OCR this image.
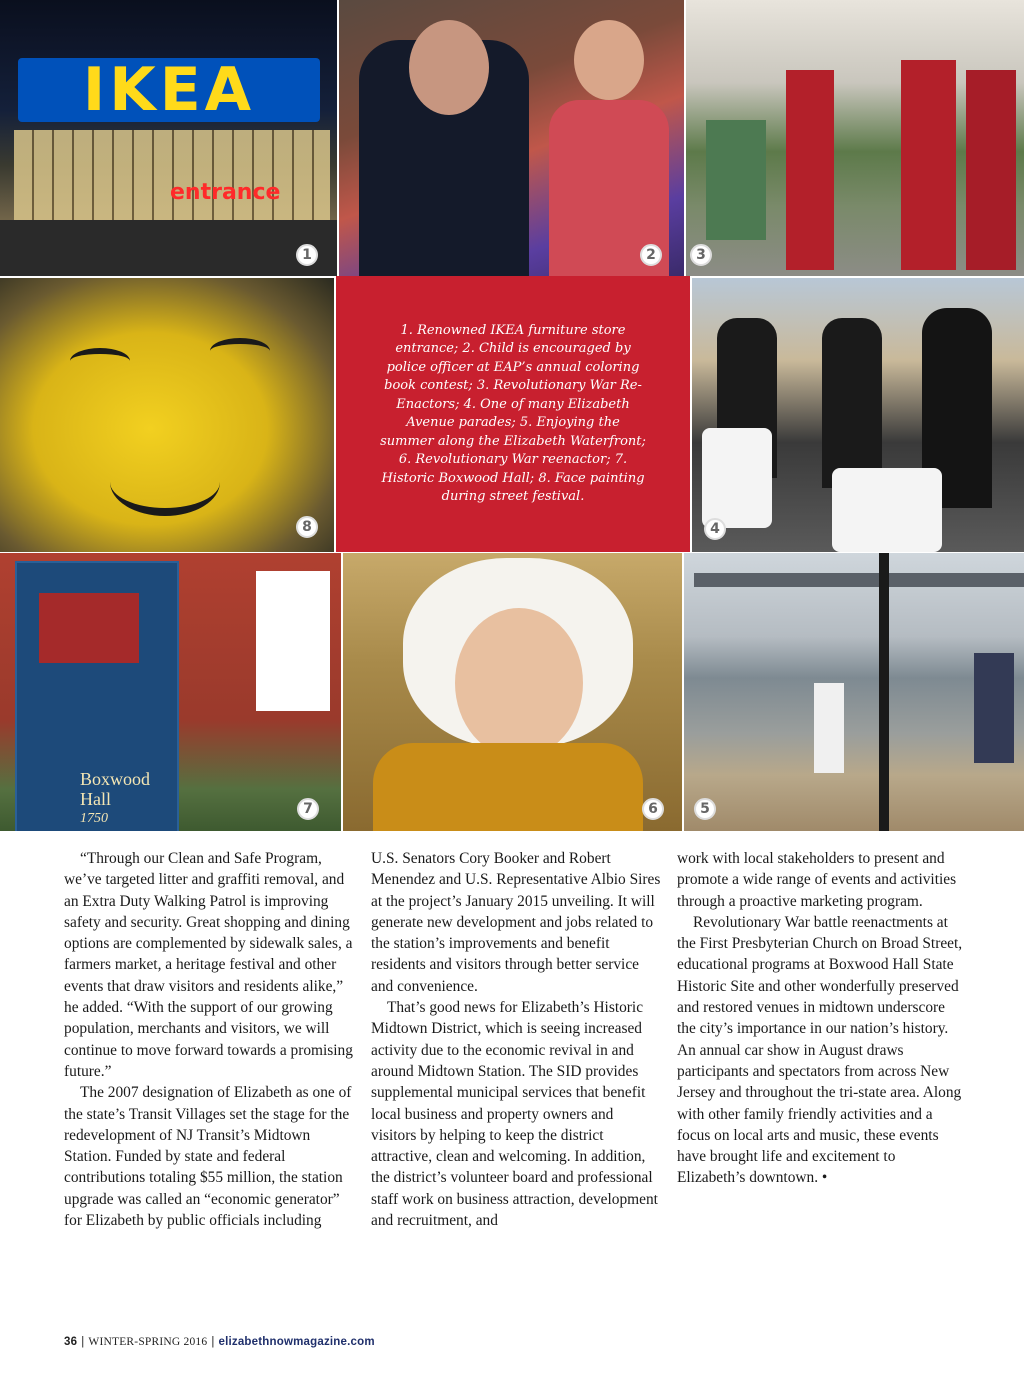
IKEA
entrance
1	2	3
8
1. Renowned IKEA furniture store entrance; 2. Child is encouraged by police officer at EAP’s annual coloring book contest; 3. Revolutionary War Re-Enactors; 4. One of many Elizabeth Avenue parades; 5. Enjoying the summer along the Elizabeth Waterfront; 6. Revolutionary War reenactor; 7. Historic Boxwood Hall; 8. Face painting during street festival.
4
Boxwood
Hall
1750
7	6	5

“Through our Clean and Safe Program, we’ve targeted litter and graffiti removal, and an Extra Duty Walking Patrol is improving safety and security. Great shopping and dining options are complemented by sidewalk sales, a farmers market, a heritage festival and other events that draw visitors and residents alike,” he added. “With the support of our growing population, merchants and visitors, we will continue to move forward towards a promising future.”

The 2007 designation of Elizabeth as one of the state’s Transit Villages set the stage for the redevelopment of NJ Transit’s Midtown Station. Funded by state and federal contributions totaling $55 million, the station upgrade was called an “economic generator” for Elizabeth by public officials including

U.S. Senators Cory Booker and Robert Menendez and U.S. Representative Albio Sires at the project’s January 2015 unveiling. It will generate new development and jobs related to the station’s improvements and benefit residents and visitors through better service and convenience.

That’s good news for Elizabeth’s Historic Midtown District, which is seeing increased activity due to the economic revival in and around Midtown Station. The SID provides supplemental municipal services that benefit local business and property owners and visitors by helping to keep the district attractive, clean and welcoming. In addition, the district’s volunteer board and professional staff work on business attraction, development and recruitment, and

work with local stakeholders to present and promote a wide range of events and activities through a proactive marketing program.

Revolutionary War battle reenactments at the First Presbyterian Church on Broad Street, educational programs at Boxwood Hall State Historic Site and other wonderfully preserved and restored venues in midtown underscore the city’s importance in our nation’s history. An annual car show in August draws participants and spectators from across New Jersey and throughout the tri-state area. Along with other family friendly activities and a focus on local arts and music, these events have brought life and excitement to Elizabeth’s downtown. •

36 | WINTER-SPRING 2016 | elizabethnowmagazine.com
